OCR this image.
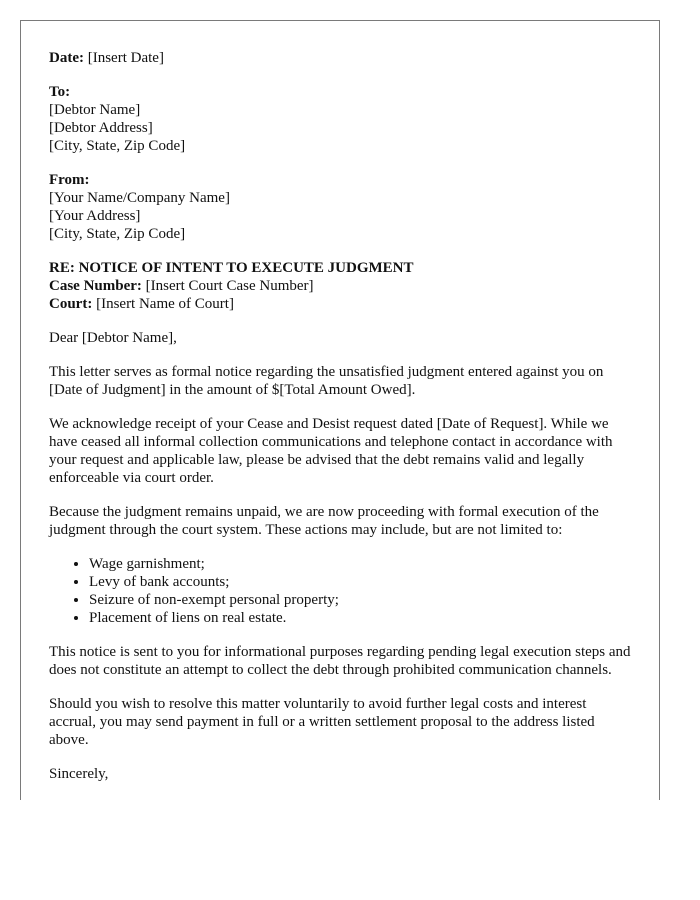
Date: [Insert Date]

To:
[Debtor Name]
[Debtor Address]
[City, State, Zip Code]
From:
[Your Name/Company Name]
[Your Address]
[City, State, Zip Code]
RE: NOTICE OF INTENT TO EXECUTE JUDGMENT
Case Number: [Insert Court Case Number]
Court: [Insert Name of Court]

Dear [Debtor Name],

This letter serves as formal notice regarding the unsatisfied judgment entered against you on [Date of Judgment] in the amount of $[Total Amount Owed].

We acknowledge receipt of your Cease and Desist request dated [Date of Request]. While we have ceased all informal collection communications and telephone contact in accordance with your request and applicable law, please be advised that the debt remains valid and legally enforceable via court order.

Because the judgment remains unpaid, we are now proceeding with formal execution of the judgment through the court system. These actions may include, but are not limited to:

• Wage garnishment;
• Levy of bank accounts;
• Seizure of non-exempt personal property;
• Placement of liens on real estate.

This notice is sent to you for informational purposes regarding pending legal execution steps and does not constitute an attempt to collect the debt through prohibited communication channels.

Should you wish to resolve this matter voluntarily to avoid further legal costs and interest accrual, you may send payment in full or a written settlement proposal to the address listed above.

Sincerely,
